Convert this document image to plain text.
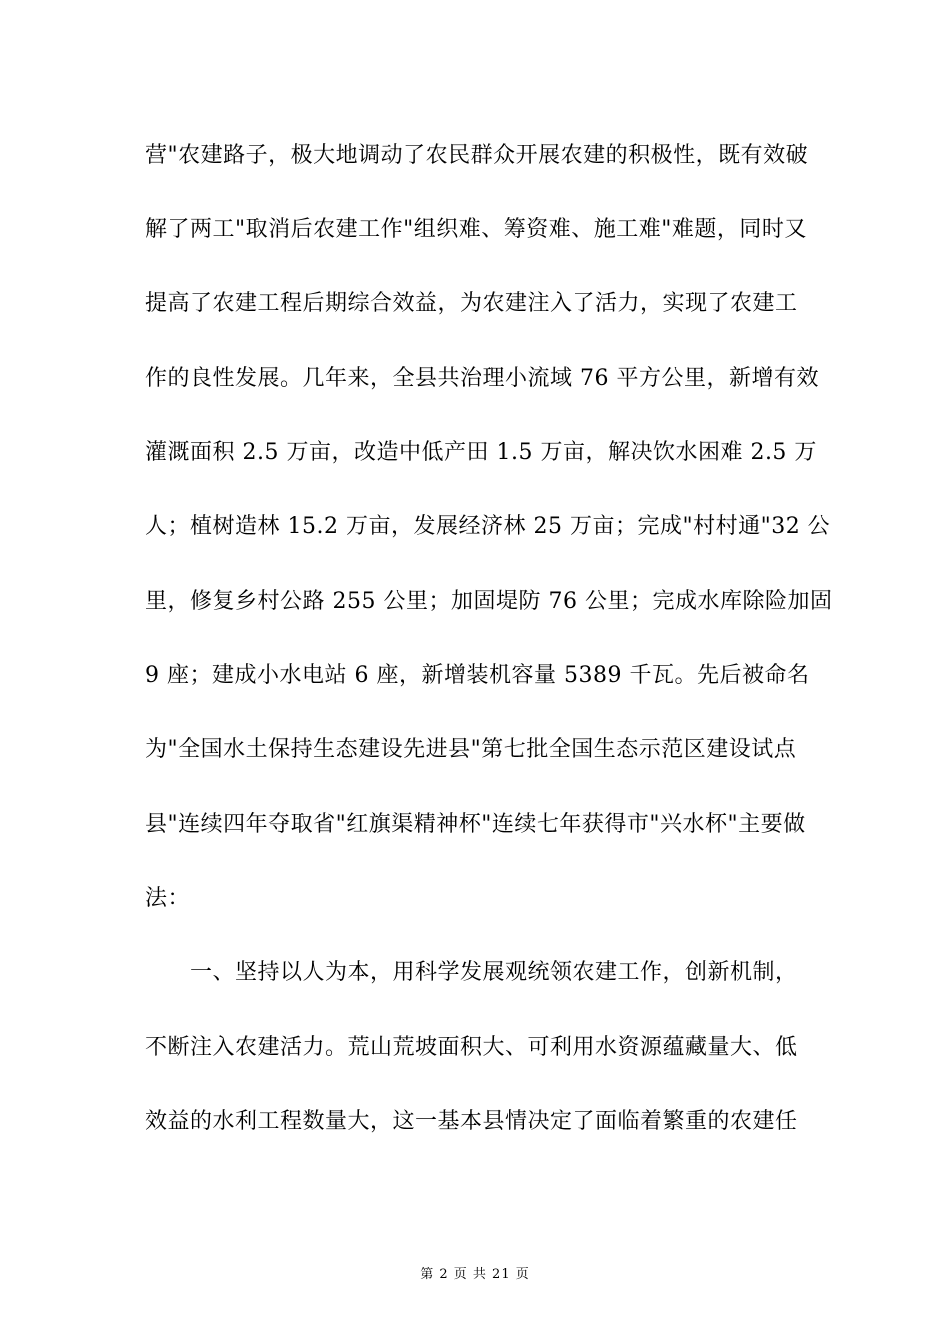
营"农建路子，极大地调动了农民群众开展农建的积极性，既有效破
解了两工"取消后农建工作"组织难、筹资难、施工难"难题，同时又
提高了农建工程后期综合效益，为农建注入了活力，实现了农建工
作的良性发展。几年来，全县共治理小流域 76 平方公里，新增有效
灌溉面积 2.5 万亩，改造中低产田 1.5 万亩，解决饮水困难 2.5 万
人；植树造林 15.2 万亩，发展经济林 25 万亩；完成"村村通"32 公
里，修复乡村公路 255 公里；加固堤防 76 公里；完成水库除险加固
9 座；建成小水电站 6 座，新增装机容量 5389 千瓦。先后被命名
为"全国水土保持生态建设先进县"第七批全国生态示范区建设试点
县"连续四年夺取省"红旗渠精神杯"连续七年获得市"兴水杯"主要做
法：
一、坚持以人为本，用科学发展观统领农建工作，创新机制，
不断注入农建活力。荒山荒坡面积大、可利用水资源蕴藏量大、低
效益的水利工程数量大，这一基本县情决定了面临着繁重的农建任
第 2 页 共 21 页
